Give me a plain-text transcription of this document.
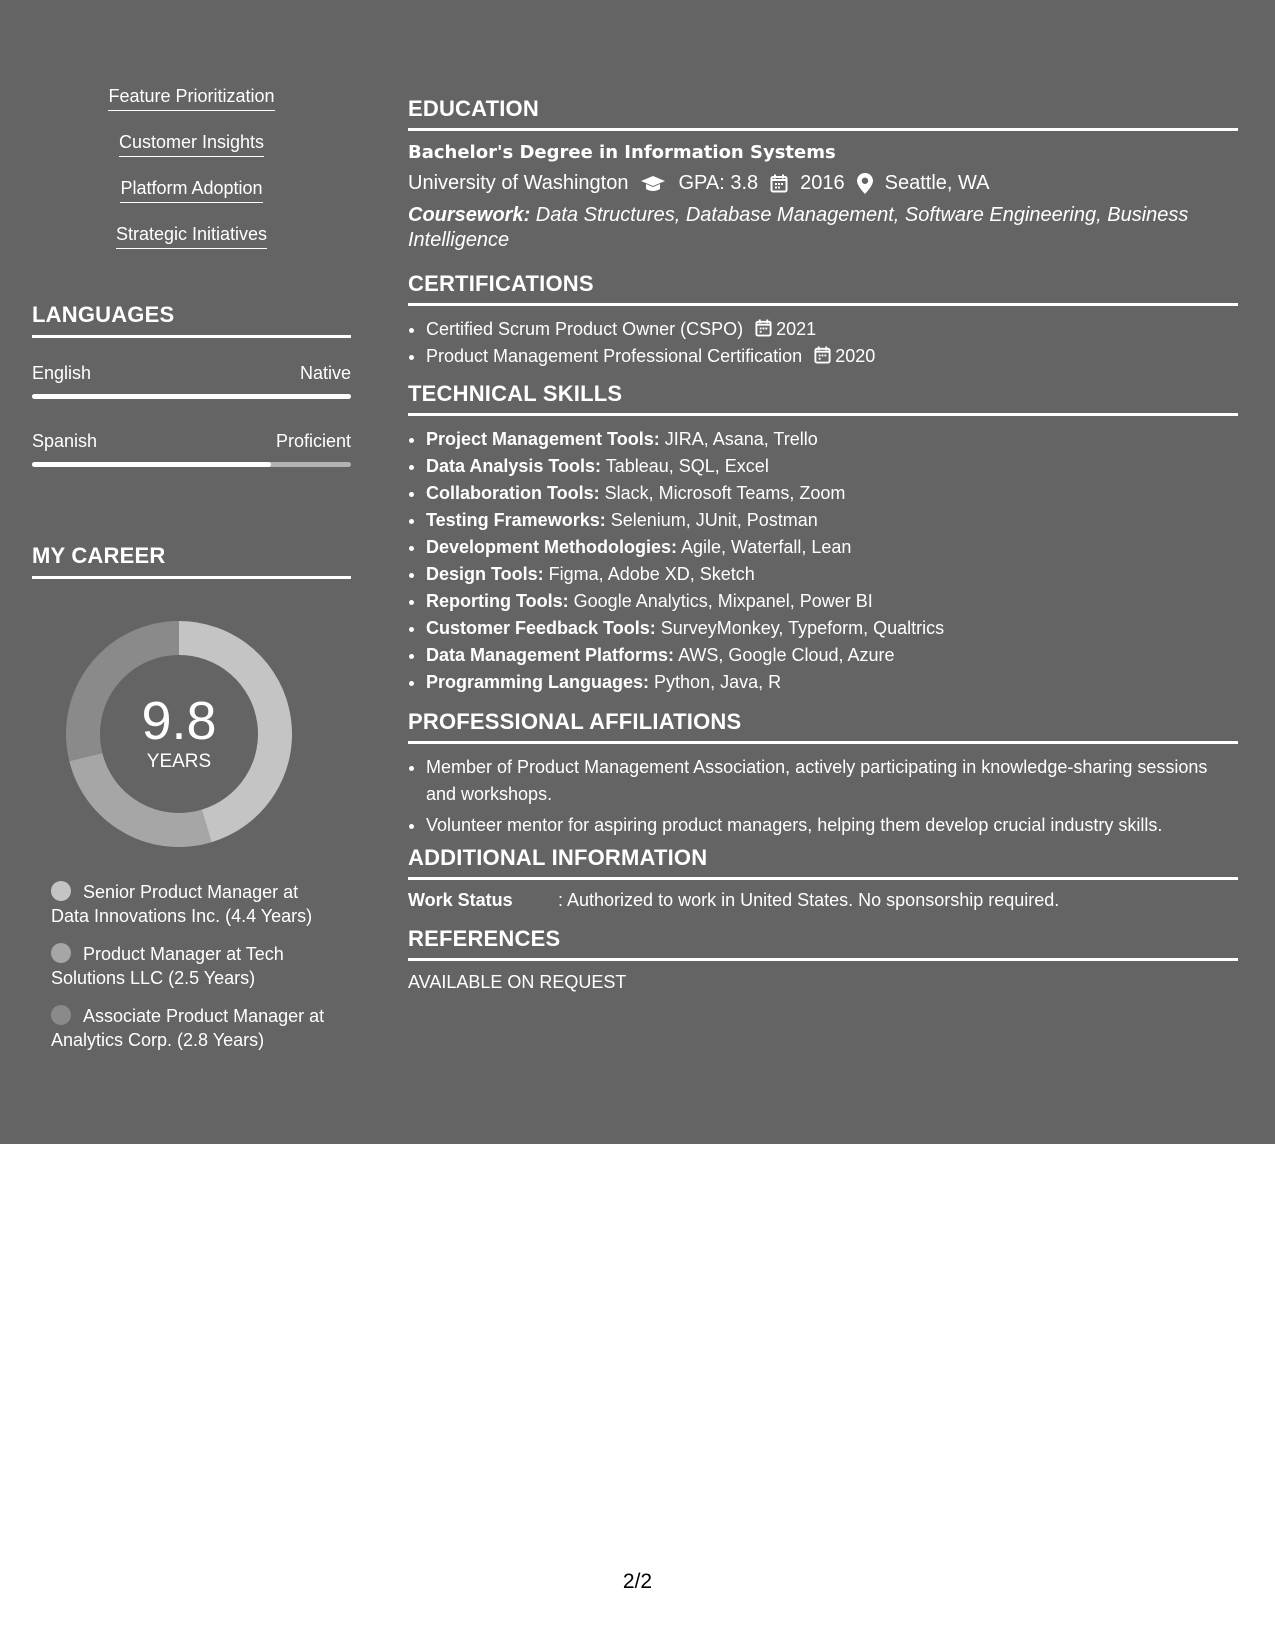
Feature Prioritization
Customer Insights
Platform Adoption
Strategic Initiatives
LANGUAGES
English	Native
Spanish	Proficient
MY CAREER
9.8
YEARS
Senior Product Manager at Data Innovations Inc. (4.4 Years)
Product Manager at Tech Solutions LLC (2.5 Years)
Associate Product Manager at Analytics Corp. (2.8 Years)
EDUCATION
Bachelor's Degree in Information Systems
University of Washington	GPA: 3.8 2016 Seattle, WA
Coursework: Data Structures, Database Management, Software Engineering, Business Intelligence
CERTIFICATIONS
• Certified Scrum Product Owner (CSPO) 2021
• Product Management Professional Certification 2020
TECHNICAL SKILLS
• Project Management Tools: JIRA, Asana, Trello
• Data Analysis Tools: Tableau, SQL, Excel
• Collaboration Tools: Slack, Microsoft Teams, Zoom
• Testing Frameworks: Selenium, JUnit, Postman
• Development Methodologies: Agile, Waterfall, Lean
• Design Tools: Figma, Adobe XD, Sketch
• Reporting Tools: Google Analytics, Mixpanel, Power BI
• Customer Feedback Tools: SurveyMonkey, Typeform, Qualtrics
• Data Management Platforms: AWS, Google Cloud, Azure
• Programming Languages: Python, Java, R
PROFESSIONAL AFFILIATIONS
• Member of Product Management Association, actively participating in knowledge-sharing sessions and workshops.
• Volunteer mentor for aspiring product managers, helping them develop crucial industry skills.
ADDITIONAL INFORMATION
Work Status	: Authorized to work in United States. No sponsorship required.
REFERENCES
AVAILABLE ON REQUEST
2/2
